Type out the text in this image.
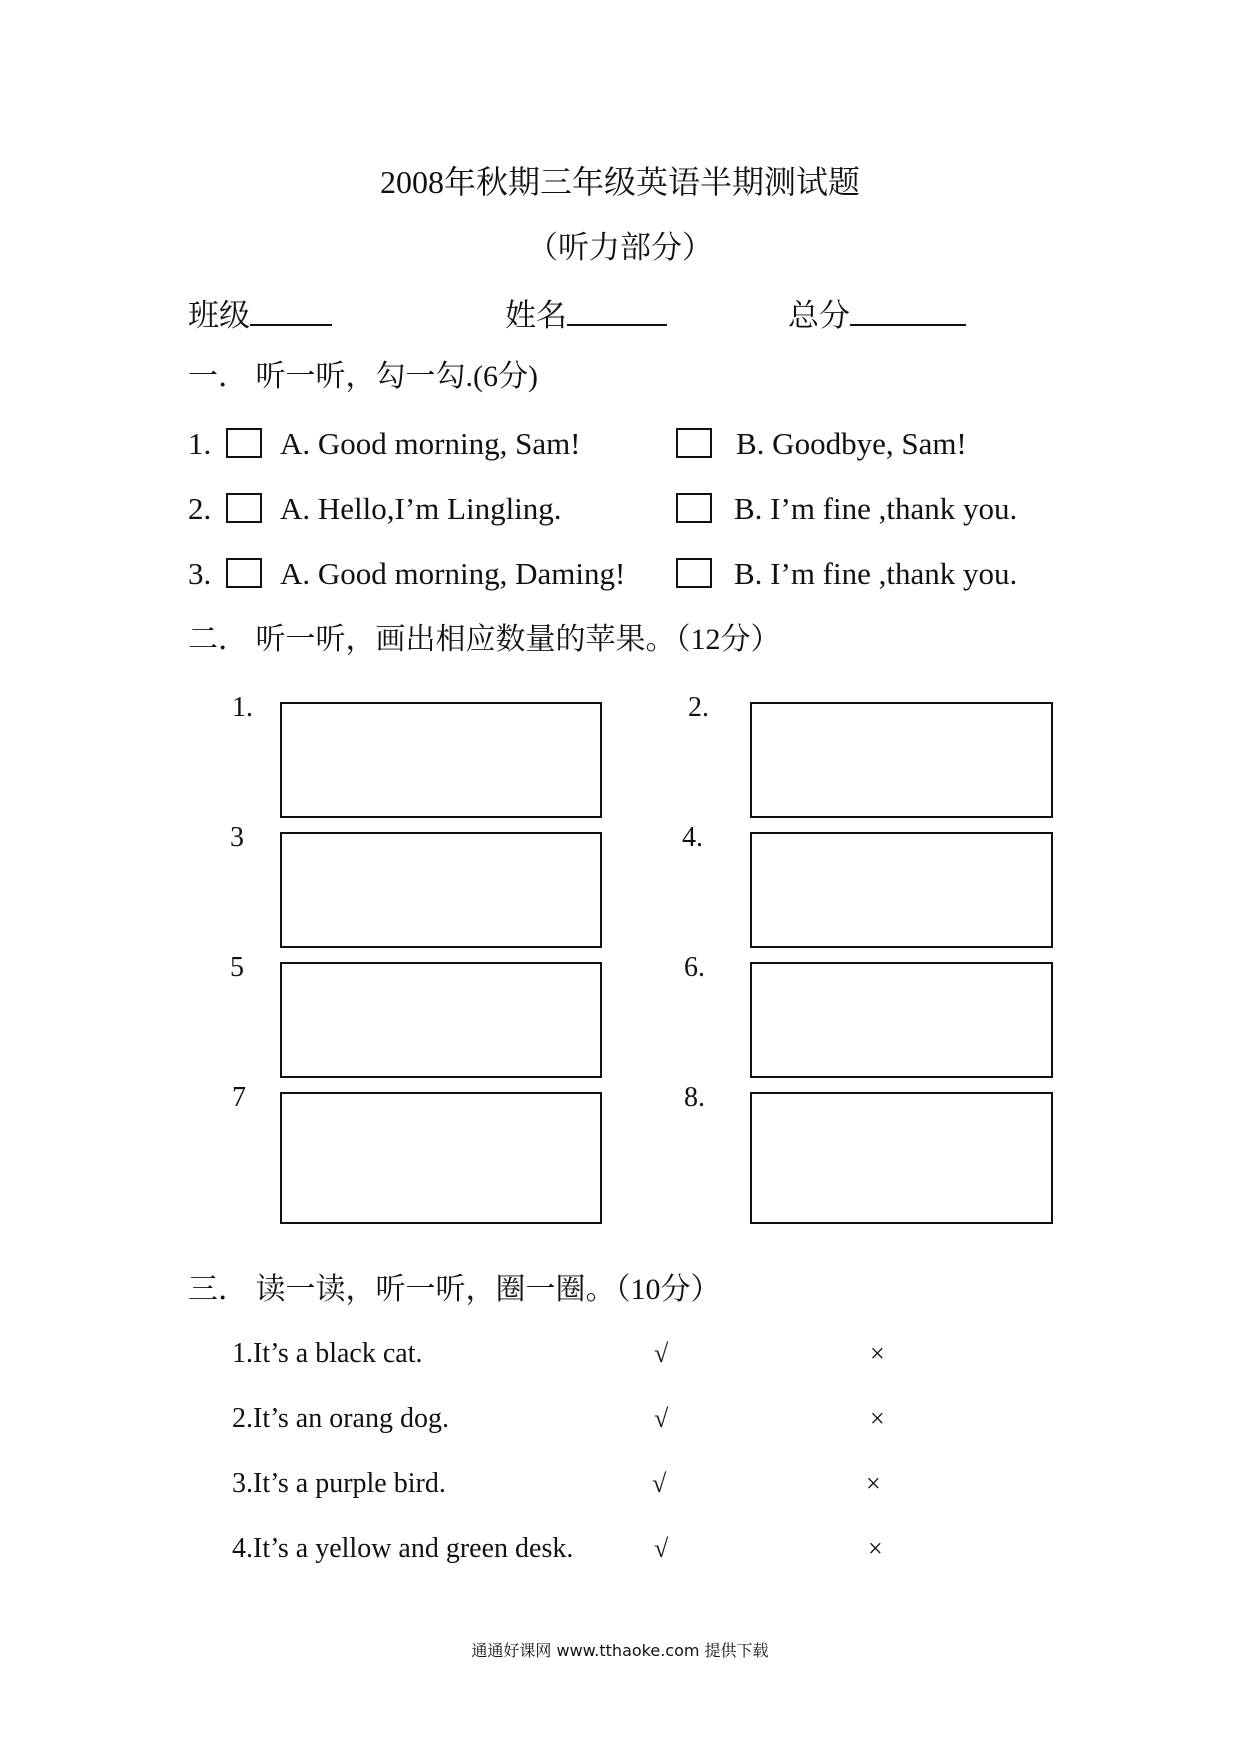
2008年秋期三年级英语半期测试题
（听力部分）
班级	姓名	总分
一． 听一听，勾一勾.(6分)
1. A. Good morning, Sam!	B. Goodbye, Sam!
2. A. Hello,I’m Lingling.	B. I’m fine ,thank you.
3. A. Good morning, Daming!	B. I’m fine ,thank you.
二． 听一听，画出相应数量的苹果。（12分）
1.	2.
3	4.
5	6.
7	8.
三． 读一读，听一听，圈一圈。（10分）
1.It’s a black cat.	√	×
2.It’s an orang dog.	√	×
3.It’s a purple bird.	√	×
4.It’s a yellow and green desk.	√	×
通通好课网 www.tthaoke.com 提供下载
